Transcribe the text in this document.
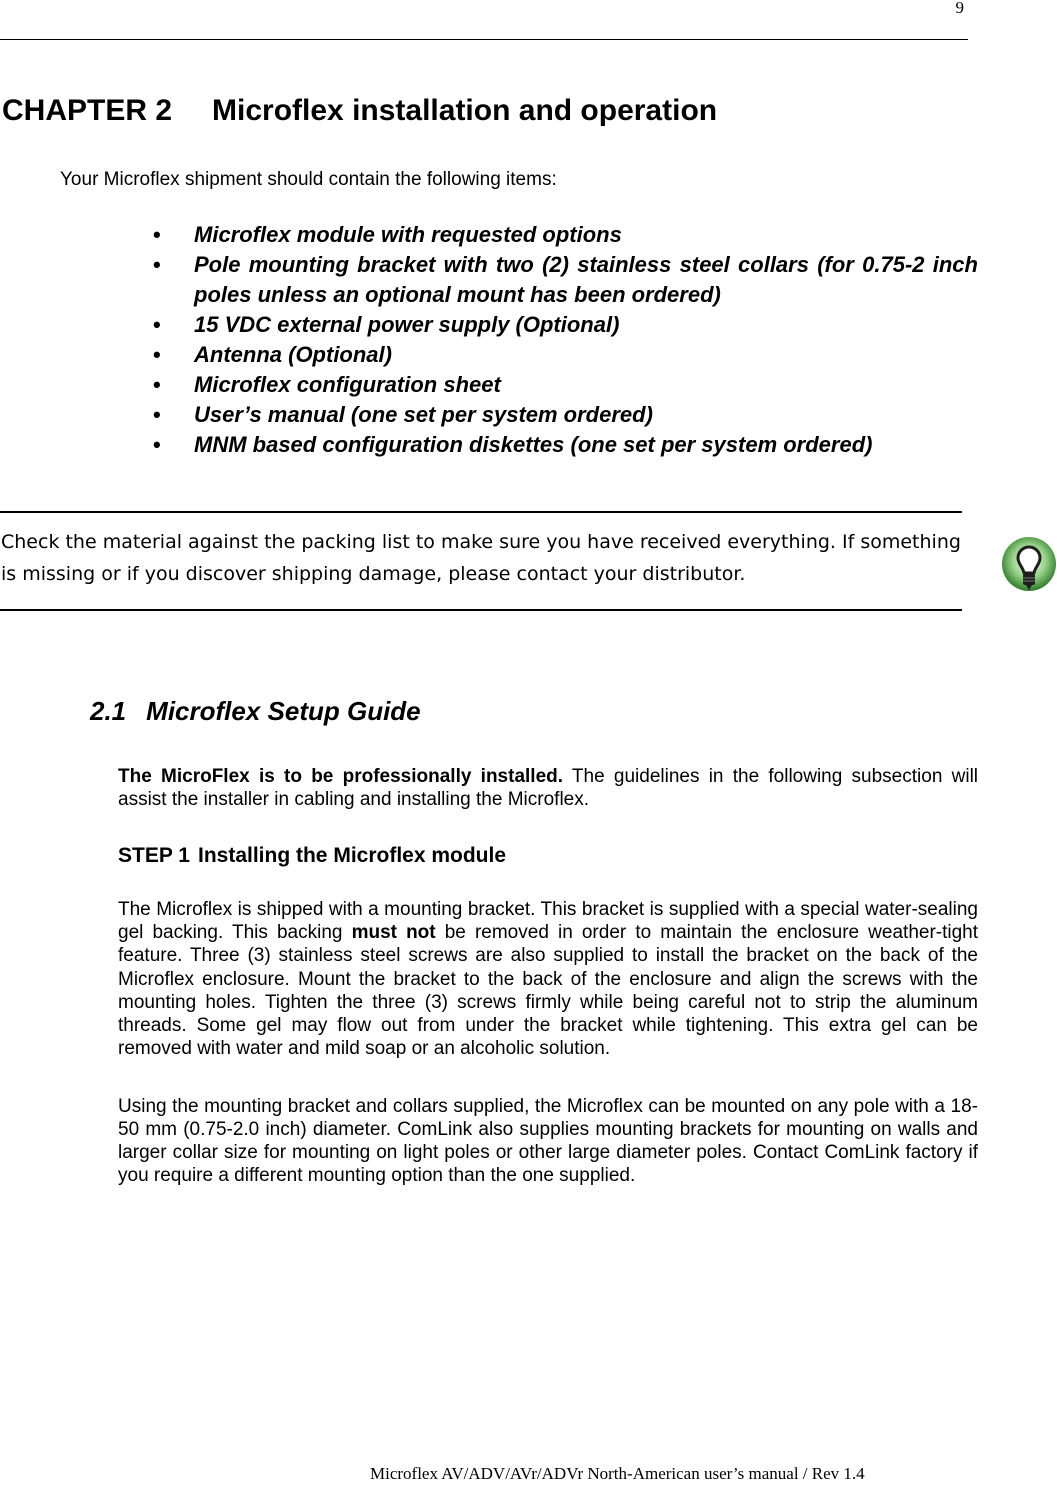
9
CHAPTER 2 Microflex installation and operation
Your Microflex shipment should contain the following items:
• Microflex module with requested options
• Pole mounting bracket with two (2) stainless steel collars (for 0.75-2 inch poles unless an optional mount has been ordered)
• 15 VDC external power supply (Optional)
• Antenna (Optional)
• Microflex configuration sheet
• User’s manual (one set per system ordered)
• MNM based configuration diskettes (one set per system ordered)
Check the material against the packing list to make sure you have received everything. If something is missing or if you discover shipping damage, please contact your distributor.
2.1 Microflex Setup Guide

The MicroFlex is to be professionally installed. The guidelines in the following subsection will assist the installer in cabling and installing the Microflex.

STEP 1 Installing the Microflex module

The Microflex is shipped with a mounting bracket. This bracket is supplied with a special water-sealing gel backing. This backing must not be removed in order to maintain the enclosure weather-tight feature. Three (3) stainless steel screws are also supplied to install the bracket on the back of the Microflex enclosure. Mount the bracket to the back of the enclosure and align the screws with the mounting holes. Tighten the three (3) screws firmly while being careful not to strip the aluminum threads. Some gel may flow out from under the bracket while tightening. This extra gel can be removed with water and mild soap or an alcoholic solution.

Using the mounting bracket and collars supplied, the Microflex can be mounted on any pole with a 18-50 mm (0.75-2.0 inch) diameter. ComLink also supplies mounting brackets for mounting on walls and larger collar size for mounting on light poles or other large diameter poles. Contact ComLink factory if you require a different mounting option than the one supplied.

Microflex AV/ADV/AVr/ADVr North-American user’s manual / Rev 1.4
